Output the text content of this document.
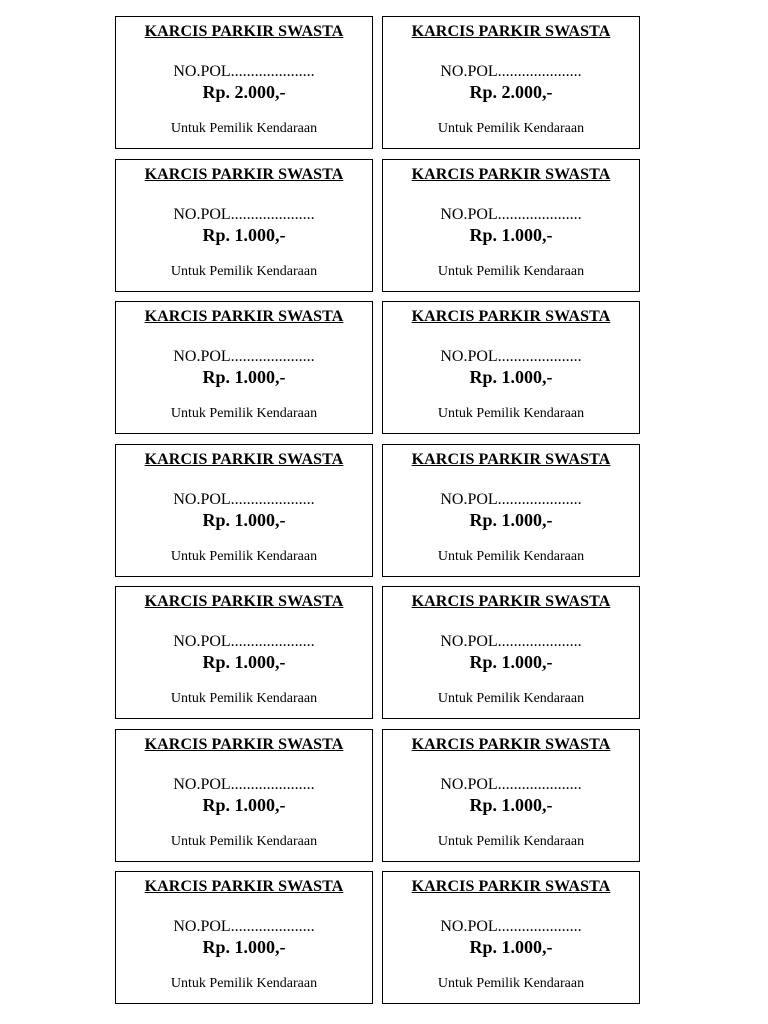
KARCIS PARKIR SWASTA
NO.POL.....................
Rp. 2.000,-
Untuk Pemilik Kendaraan
KARCIS PARKIR SWASTA
NO.POL.....................
Rp. 2.000,-
Untuk Pemilik Kendaraan
KARCIS PARKIR SWASTA
NO.POL.....................
Rp. 1.000,-
Untuk Pemilik Kendaraan
KARCIS PARKIR SWASTA
NO.POL.....................
Rp. 1.000,-
Untuk Pemilik Kendaraan
KARCIS PARKIR SWASTA
NO.POL.....................
Rp. 1.000,-
Untuk Pemilik Kendaraan
KARCIS PARKIR SWASTA
NO.POL.....................
Rp. 1.000,-
Untuk Pemilik Kendaraan
KARCIS PARKIR SWASTA
NO.POL.....................
Rp. 1.000,-
Untuk Pemilik Kendaraan
KARCIS PARKIR SWASTA
NO.POL.....................
Rp. 1.000,-
Untuk Pemilik Kendaraan
KARCIS PARKIR SWASTA
NO.POL.....................
Rp. 1.000,-
Untuk Pemilik Kendaraan
KARCIS PARKIR SWASTA
NO.POL.....................
Rp. 1.000,-
Untuk Pemilik Kendaraan
KARCIS PARKIR SWASTA
NO.POL.....................
Rp. 1.000,-
Untuk Pemilik Kendaraan
KARCIS PARKIR SWASTA
NO.POL.....................
Rp. 1.000,-
Untuk Pemilik Kendaraan
KARCIS PARKIR SWASTA
NO.POL.....................
Rp. 1.000,-
Untuk Pemilik Kendaraan
KARCIS PARKIR SWASTA
NO.POL.....................
Rp. 1.000,-
Untuk Pemilik Kendaraan
